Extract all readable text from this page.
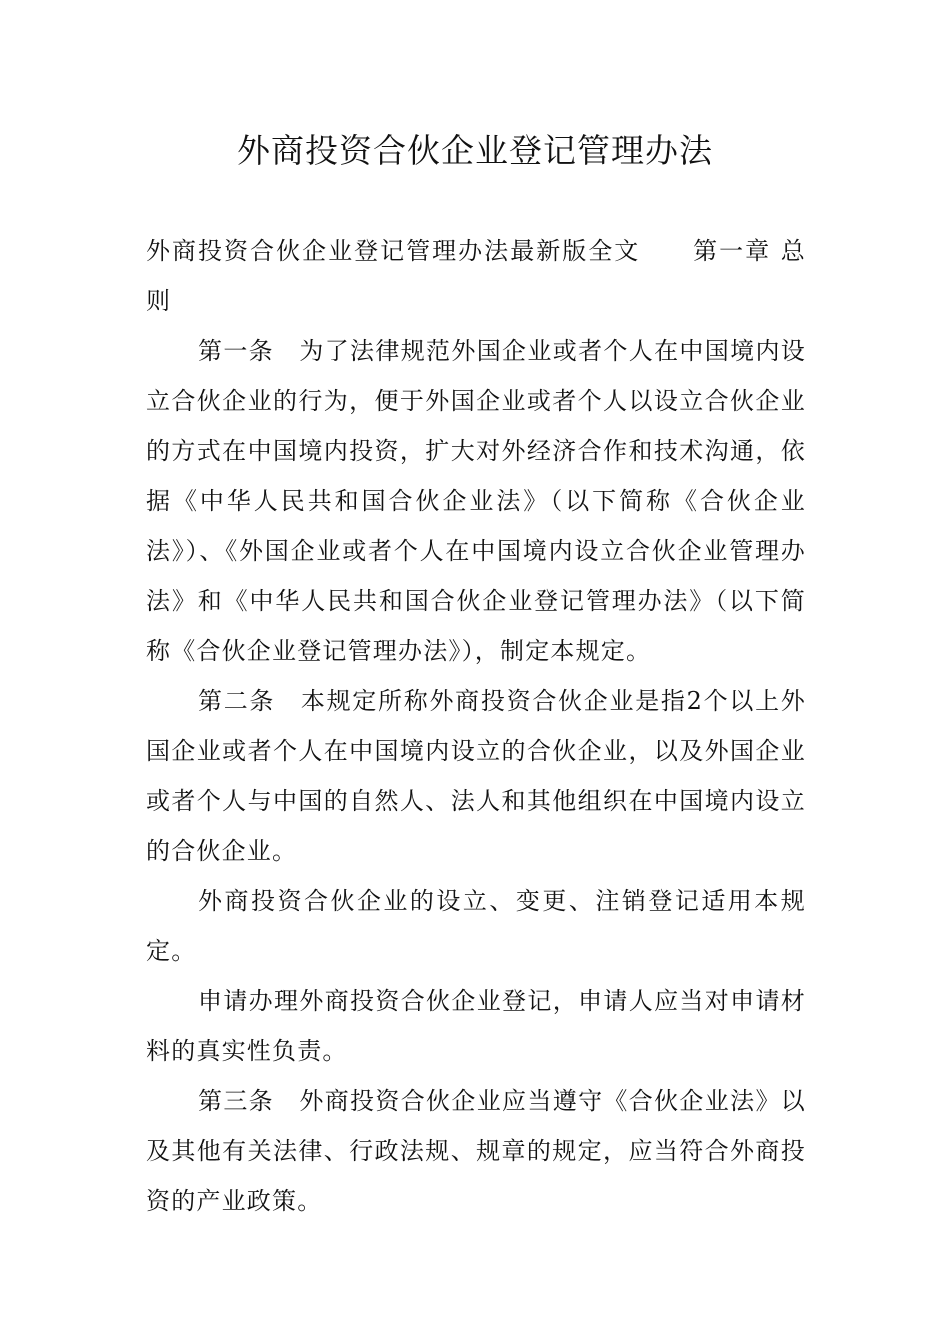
外商投资合伙企业登记管理办法

外商投资合伙企业登记管理办法最新版全文 第一章 总则

第一条　为了法律规范外国企业或者个人在中国境内设立合伙企业的行为，便于外国企业或者个人以设立合伙企业的方式在中国境内投资，扩大对外经济合作和技术沟通，依据《中华人民共和国合伙企业法》（以下简称《合伙企业法》）、《外国企业或者个人在中国境内设立合伙企业管理办法》和《中华人民共和国合伙企业登记管理办法》（以下简称《合伙企业登记管理办法》），制定本规定。

第二条　本规定所称外商投资合伙企业是指2个以上外国企业或者个人在中国境内设立的合伙企业，以及外国企业或者个人与中国的自然人、法人和其他组织在中国境内设立的合伙企业。

外商投资合伙企业的设立、变更、注销登记适用本规定。

申请办理外商投资合伙企业登记，申请人应当对申请材料的真实性负责。

第三条　外商投资合伙企业应当遵守《合伙企业法》以及其他有关法律、行政法规、规章的规定，应当符合外商投资的产业政策。
